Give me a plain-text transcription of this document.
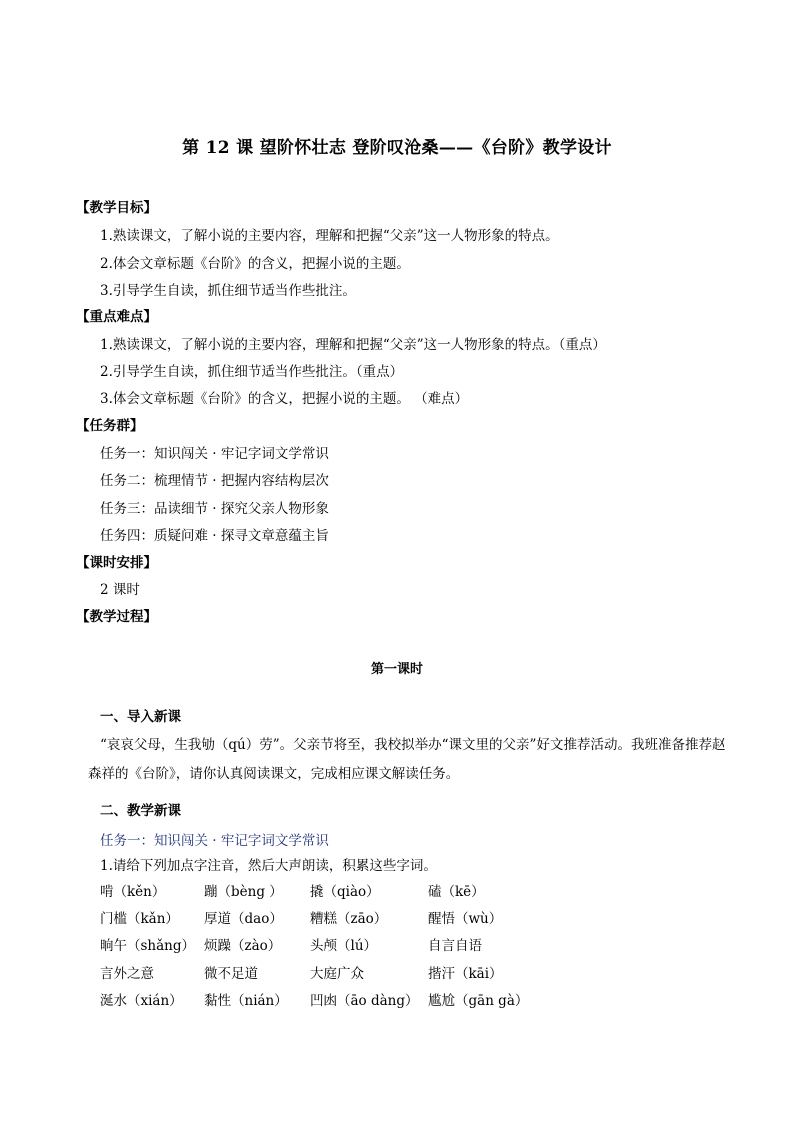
第 12 课 望阶怀壮志 登阶叹沧桑——《台阶》教学设计
【教学目标】
1.熟读课文，了解小说的主要内容，理解和把握“父亲”这一人物形象的特点。
2.体会文章标题《台阶》的含义，把握小说的主题。
3.引导学生自读，抓住细节适当作些批注。
【重点难点】
1.熟读课文，了解小说的主要内容，理解和把握“父亲”这一人物形象的特点。（重点）
2.引导学生自读，抓住细节适当作些批注。（重点）
3.体会文章标题《台阶》的含义，把握小说的主题。 （难点）
【任务群】
任务一：知识闯关 · 牢记字词文学常识
任务二：梳理情节 · 把握内容结构层次
任务三：品读细节 · 探究父亲人物形象
任务四：质疑问难 · 探寻文章意蕴主旨
【课时安排】
2 课时
【教学过程】
第一课时
一、导入新课
“哀哀父母，生我劬（qú）劳”。父亲节将至，我校拟举办“课文里的父亲”好文推荐活动。我班准备推荐赵森祥的《台阶》，请你认真阅读课文，完成相应课文解读任务。
二、教学新课
任务一：知识闯关 · 牢记字词文学常识
1.请给下列加点字注音，然后大声朗读，积累这些字词。
啃（kěn）	蹦（bèng ） 撬（qiào）	磕（kē）
门槛（kǎn） 厚道（dao） 糟糕（zāo）	醒悟（wù）
晌午（shǎng） 烦躁（zào） 头颅（lú）	自言自语
言外之意	微不足道	大庭广众	揩汗（kāi）
涎水（xián） 黏性（nián） 凹凼（āo dàng） 尴尬（gān gà）
